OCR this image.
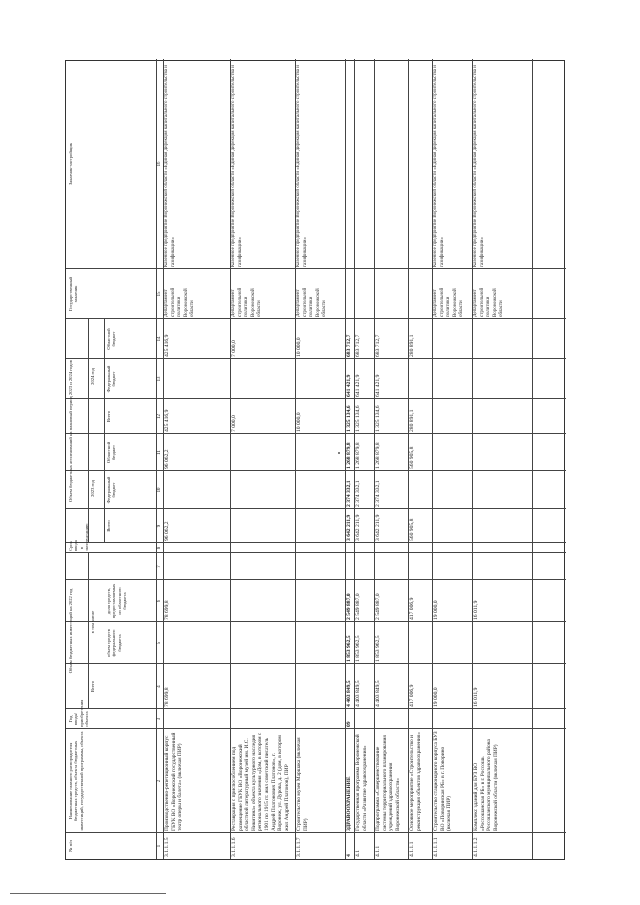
№ п/п
Наименование главного распорядителя бюджетных средств, объекта бюджетных инвестиций, государственной программы, объекта
Год ввода/приобретения объекта
Объем бюджетных инвестиций на 2022 год
Всего
в том числе
объем средств федерального бюджета
доля средств, предоставляемых из областного бюджета
Срок ввода в эксплуатацию
Объем бюджетных ассигнований на плановый период 2023 и 2024 годов	2023 год
2024 год
Всего
Федеральный бюджет
Областной бюджет
Всего
Федеральный бюджет
Областной бюджет
Государственный заказчик
Заказчик-застройщик
1
2
3
4
5
6
7
8
9
10
11
12
13
14
15
16
3.1.1.1.5
Производственно-репетиционный корпус ГБУК ВО «Воронежский государственный театр оперы и балета» (включая ПИР)
78 699,8
78 699,8
96 062,2
96 062,2
425 416,9
425 416,9
Департамент строительной политики Воронежской области
Казенное предприятие Воронежской области «Единая дирекция капитального строительства и газификации»
3.1.1.1.6
Реставрация с приспособлением под размещение ГБУК ВО «Воронежский областной литературный музей им. И.С. Никитина» объекта культурного наследия регионального значения «Дом, в котором с 1901 по 1915 гг. жил советский писатель Андрей Платонович Платонов», г. Воронеж, ул. Дурова, д. 2 (дом, в котором жил Андрей Платонов), ПИР
7 000,0
7 000,0
Департамент строительной политики Воронежской области
Казенное предприятие Воронежской области «Единая дирекция капитального строительства и газификации»
3.1.1.1.7
Строительство музея Маршака (включая ПИР)
10 000,0
10 000,0
Департамент строительной политики Воронежской области
Казенное предприятие Воронежской области «Единая дирекция капитального строительства и газификации»
4
ЗДРАВООХРАНЕНИЕ
09
4 403 849,5
1 853 962,5
2 549 887,0
3 642 211,9
2 374 332,1
1 268 879,8
1 325 134,6
641 421,9
683 712,7
4.1
Государственная программа Воронежской области «Развитие здравоохранения»
4 403 849,5
1 853 962,5
2 549 887,0
3 642 211,9
2 374 332,1
1 268 879,8
1 325 134,6
641 421,9
683 712,7
4.1.1
Подпрограмма «Совершенствование системы территориального планирования учреждений здравоохранения Воронежской области»
4 403 849,5
1 853 962,5
2 549 887,0
3 642 211,9
2 374 332,1
1 268 879,8
1 325 134,6
641 421,9
683 712,7
4.1.1.1
Основное мероприятие «Строительство и реконструкция объектов здравоохранения»
417 006,9
417 006,9
560 905,8
560 905,8
280 891,1
280 891,1
4.1.1.1.1
Строительство стационарного корпуса БУЗ ВО «Поворинская РБ» в г. Поворино (включая ПИР)
19 000,0
19 000,0
Департамент строительной политики Воронежской области
Казенное предприятие Воронежской области «Единая дирекция капитального строительства и газификации»
4.1.1.1.2
Комплекс зданий для БУЗ ВО «Россошанская РБ» в г. Россошь Россошанского муниципального района Воронежской области (включая ПИР)
16 011,9
16 011,9
Департамент строительной политики Воронежской области
Казенное предприятие Воронежской области «Единая дирекция капитального строительства и газификации»
